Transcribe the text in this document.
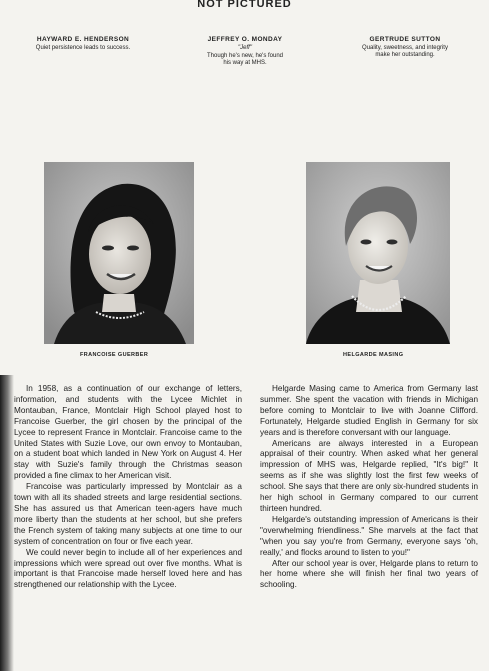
NOT PICTURED
HAYWARD E. HENDERSON
Quiet persistence leads to success.
JEFFREY O. MONDAY
"Jeff"
Though he's new, he's found
his way at MHS.
GERTRUDE SUTTON
Quality, sweetness, and integrity
make her outstanding.
FRANCOISE GUERBER	HELGARDE MASING

In 1958, as a continuation of our exchange of letters, information, and students with the Lycee Michlet in Montauban, France, Montclair High School played host to Francoise Guerber, the girl chosen by the principal of the Lycee to represent France in Montclair. Francoise came to the United States with Suzie Love, our own envoy to Montauban, on a student boat which landed in New York on August 4. Her stay with Suzie's family through the Christmas season provided a fine climax to her American visit.

Francoise was particularly impressed by Montclair as a town with all its shaded streets and large residential sections. She has assured us that American teen-agers have much more liberty than the students at her school, but she prefers the French system of taking many subjects at one time to our system of concentration on four or five each year.

We could never begin to include all of her experiences and impressions which were spread out over five months. What is important is that Francoise made herself loved here and has strengthened our relationship with the Lycee.

Helgarde Masing came to America from Germany last summer. She spent the vacation with friends in Michigan before coming to Montclair to live with Joanne Clifford. Fortunately, Helgarde studied English in Germany for six years and is therefore conversant with our language.

Americans are always interested in a European appraisal of their country. When asked what her general impression of MHS was, Helgarde replied, "It's big!" It seems as if she was slightly lost the first few weeks of school. She says that there are only six-hundred students in her high school in Germany compared to our current thirteen hundred.

Helgarde's outstanding impression of Americans is their "overwhelming friendliness." She marvels at the fact that "when you say you're from Germany, everyone says 'oh, really,' and flocks around to listen to you!"

After our school year is over, Helgarde plans to return to her home where she will finish her final two years of schooling.
